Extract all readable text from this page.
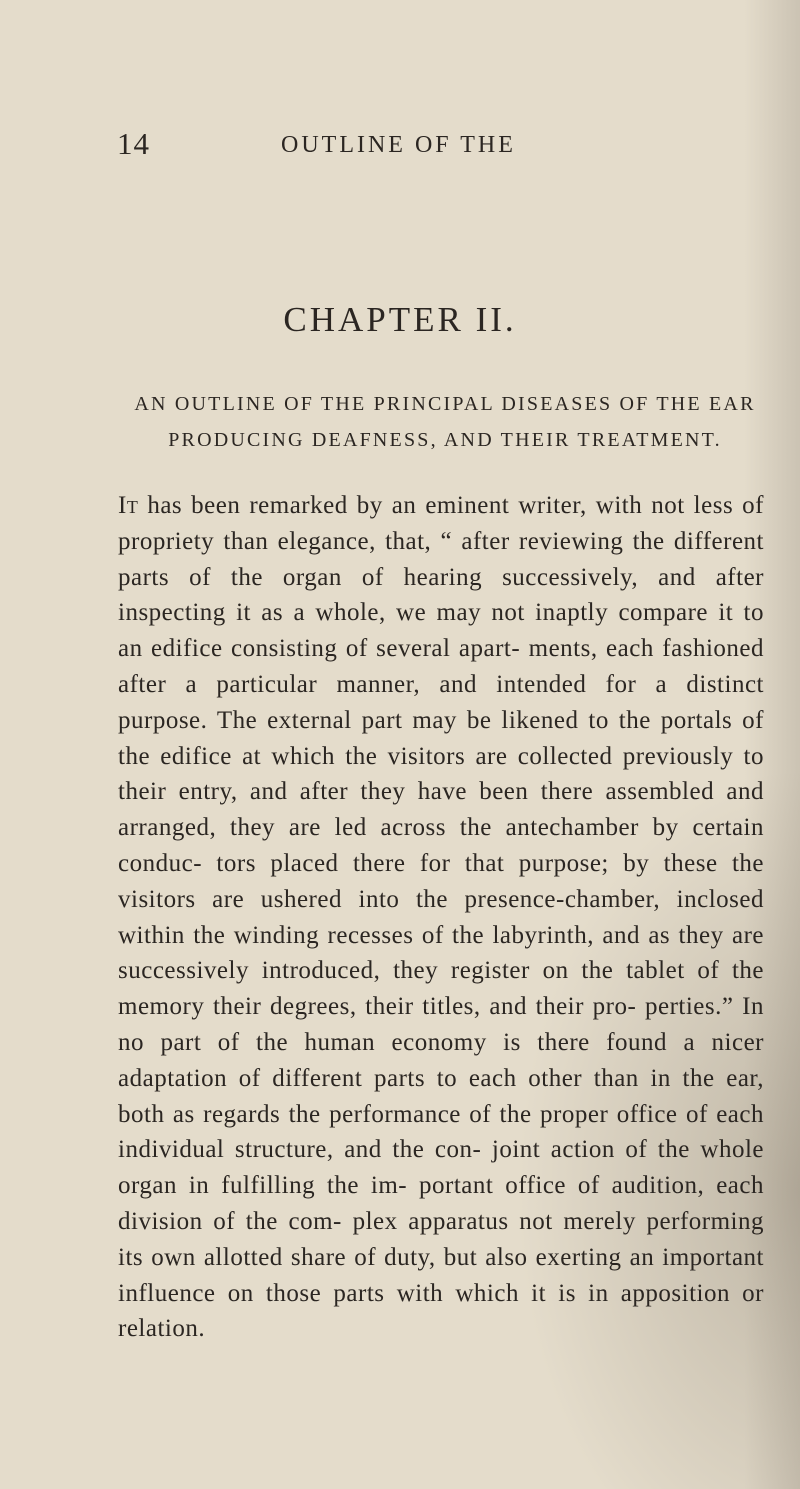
14	OUTLINE OF THE
CHAPTER II.
AN OUTLINE OF THE PRINCIPAL DISEASES OF THE EAR
PRODUCING DEAFNESS, AND THEIR TREATMENT.

It has been remarked by an eminent writer, with not less of propriety than elegance, that, “ after reviewing the different parts of the organ of hearing successively, and after inspecting it as a whole, we may not inaptly compare it to an edifice consisting of several apart- ments, each fashioned after a particular manner, and intended for a distinct purpose. The external part may be likened to the portals of the edifice at which the visitors are collected previously to their entry, and after they have been there assembled and arranged, they are led across the antechamber by certain conduc- tors placed there for that purpose; by these the visitors are ushered into the presence-chamber, inclosed within the winding recesses of the labyrinth, and as they are successively introduced, they register on the tablet of the memory their degrees, their titles, and their pro- perties.” In no part of the human economy is there found a nicer adaptation of different parts to each other than in the ear, both as regards the performance of the proper office of each individual structure, and the con- joint action of the whole organ in fulfilling the im- portant office of audition, each division of the com- plex apparatus not merely performing its own allotted share of duty, but also exerting an important influence on those parts with which it is in apposition or relation.
